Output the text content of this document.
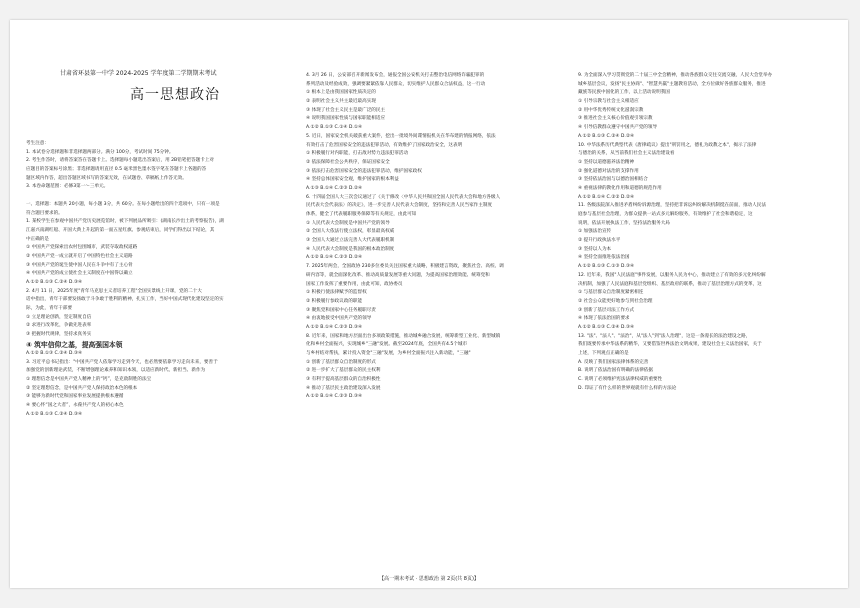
甘肃省环县第一中学 2024-2025 学年度第二学期期末考试
高一思想政治
考生注意：
1. 本试卷分选择题和非选择题两部分。满分 100分，考试时间 75分钟。
2. 考生作答时，请将答案答在答题卡上。选择题每小题选出答案后，用 2B铅笔把答题卡上对
应题目的答案标号涂黑；非选择题请用直径 0.5 毫米黑色墨水签字笔在答题卡上各题的答
题区域内作答，超出答题区域书写的答案无效，在试题卷、草稿纸上作答无效。
3. 本卷命题范围：必修3第一～三单元。
一、选择题：本题共 20小题，每小题 3分，共 60分。在每小题给出的四个选项中，只有一项是
符合题目要求的。
1. 某校学生在参观中国共产党历史展览馆时，被下列展品所吸引：(湖南长沙出土的考察报告)，湖
江嘉兴南湖红船、开国大典上升起的第一面五星红旗、参观结束后，同学们得出以下结论，其
中正确的是
① 中国共产党探索出农村包围城市，武装夺取政权道路
② 中国共产党一成立就开启了中国特色社会主义道路
③ 中国共产党的诞生使中国人民在斗争中有了主心骨
④ 中国共产党的成立使社会主义制度在中国得以确立
A.①② B.①③ C.②④ D.③④
2. 4月 11 日，2025年度"青年马克思主义者培养工程"全国实景线上开课，党的二十大
话中指出，青年干部要发扬敢于斗争敢于胜利的精神，扎实工作，当好中国式现代化建设坚定的实
际，为此，青年干部要
① 立足理论创新，坚定制度自信
② 求进行改革化，争做先进表率
③ 把握时代规律，坚持求真务实
④ 筑牢信仰之基，提高强国本领
A.①② B.①③ C.②④ D.③④
3. 习近平总书记指出："中国共产党人依靠学习走到今天，也必然要依靠学习走向未来，要善于
加强党的创新理论武装，不断增强理论素养和知识本领，以适应新时代、新担当、新作为
① 理想信念是中国共产党人精神上的“钙”，是克敌制胜的法宝
② 坚定理想信念，是中国共产党人保持政治本色的根本
③ 能够为新时代党和国家事业发展提供根本遵循
④ 要心怀“国之大者”，永葆共产党人的初心本色
A.①② B.①③ C.②④ D.③④
4. 3月 26 日，公安部召开新闻发布会，通报全国公安机关打击整治电信网络诈骗犯罪的
系列活动及经验成效，强调要紧紧依靠人民群众，切实维护人民群众合法权益，这一行动
① 根本上是由我国国家性质决定的
② 表明社会主义共主最近最高实现
③ 体现了社会主义民主是最广泛的民主
④ 说明我国国家性质与国家职能相适应
A.①② B.①③ C.①④ D.①④
5. 近日，国家安全机关破获重大案件，挖出一批境外间谍情报机关在华布建的情报网络，依法
有效打击了危害国家安全的违法犯罪活动，有效维护了国家政治安全，这表明
① 积极履行对内职能，打击敌对势力违法犯罪活动
② 依法保障社会公共秩序，保证国家安全
③ 依法打击危害国家安全的违法犯罪活动，维护国家政权
④ 坚持总体国家安全观，维护国家的根本利益
A.①③ B.①④ C.②③ D.②④
6. 十四届全国人大三次会议通过了《关于修改〈中华人民共和国全国人民代表大会和地方各级人
民代表大会代表法〉的决定》，进一步完善人民代表大会制度，坚持和完善人民当家作主制度
体系，健全了代表履职服务保障等有关规定，由此可知
① 人民代表大会制度是中国共产党的领导
② 全国人大依法行使立法权，彰显最高权威
③ 全国人大通过立法完善人大代表履职机制
④ 人民代表大会制度是我国的根本政治制度
A.①② B.①④ C.②③ D.②④
7. 2025年两会，全国政协 230多位委员关注国家重大战略，积极建言资政，聚焦社会、高校、调
研内容等，就全面深化改革、推动高质量发展等重大问题，为提高国家治理效能、统筹党和
国家工作发挥了重要作用，由此可知，政协委员
① 积极行使法律赋予的监督权
② 积极履行参政议政的职能
③ 聚焦党和国家中心任务履职尽责
④ 由衷地接受中国共产党的领导
A.①② B.①④ C.②③ D.③④
8. 近年来，国家和地方层面出台多项政策措施，推动城乡融合发展，统筹新型工业化、新型城镇
化和乡村全面振兴，实现城乡"三融"发展。截至2024年底，全国共有4.5个城市
与乡村结对帮扶，累计投入资金"三融"发展，为乡村全面振兴注入新动能，"三融"
① 创新了基层群众自治制度的形式
② 进一步扩大了基层群众的民主权利
③ 有利于提高基层群众的自治积极性
④ 推动了基层民主政治建设深入发展
A.①② B.①④ C.②③ D.③④
9. 为全面深入学习贯彻党的二十届三中全会精神，推动各族群众交往交流交融，人民大会堂举办
城乡基层会议，发扬"民主协商"、"智慧共赢"主题教育活动，全方位做好各族群众服务，推进
藏族等民族中国化的工作，以上活动说明我国
① 引导宗教与社会主义相适应
② 用中华优秀传统文化滋润宗教
③ 推进社会主义核心价值观引领宗教
④ 引导信教群众遵守中国共产党的领导
A.①② B.①③ C.②④ D.②④
10. 中华法系历代典型代表《唐律疏议》提出"刑罚用之，德礼为政教之本"，揭示了法律
与德治的关系，从当前我们社会主义法治建设看
① 坚持以道德滋养法治精神
② 强化道德对法治的支撑作用
③ 坚持依法治国与以德治国相结合
④ 重视法律的教化作用和道德的规范作用
A.①② B.①④ C.②② D.②④
11. 各级法院深入推进矛盾纠纷诉源治理，坚持把非诉讼纠纷解决机制挺在前面，推动人民法
庭参与基层社会治理，为群众提供一站式多元解纷服务，有效维护了社会和谐稳定，这
说明，依法开展执法工作，坚持法治服务大局
① 加强法治宣传
② 提升行政执法水平
③ 坚持以人为本
④ 坚持全面推进依法治国
A.①② B.①③ C.①③ D.③④
12. 近年来，我国"人民法庭"事件发展，以服务人民为中心，推动建立了有效的多元化纠纷解
决机制，加强了人民法庭和基层党组织、基层政府的联系，推动了基层治理方式的变革，这
① 与基层群众自治制度紧密相连
② 社会公众能更好地参与到社会治理
③ 创新了基层司法工作方式
④ 体现了依法治国的要求
A.①② B.①③ C.②④ D.③④
13. "法"、"法人"、"法治"，从"法人"到"法人治理"，这是一条漫长的法治建设之路，
我们既要传承中华法系的精华，又要借鉴世界法治文明成果，建设社会主义法治国家，关于
上述，下列观点正确的是
A. 反映了我们国家法律体系的完善
B. 说明了依法治国有明确的法律依据
C. 说明了必须维护宪法法律权威的重要性
D. 印证了有什么样的世界观就有什么样的方法论
【高一期末考试 · 思想政治 第 2页(共 8页)】
